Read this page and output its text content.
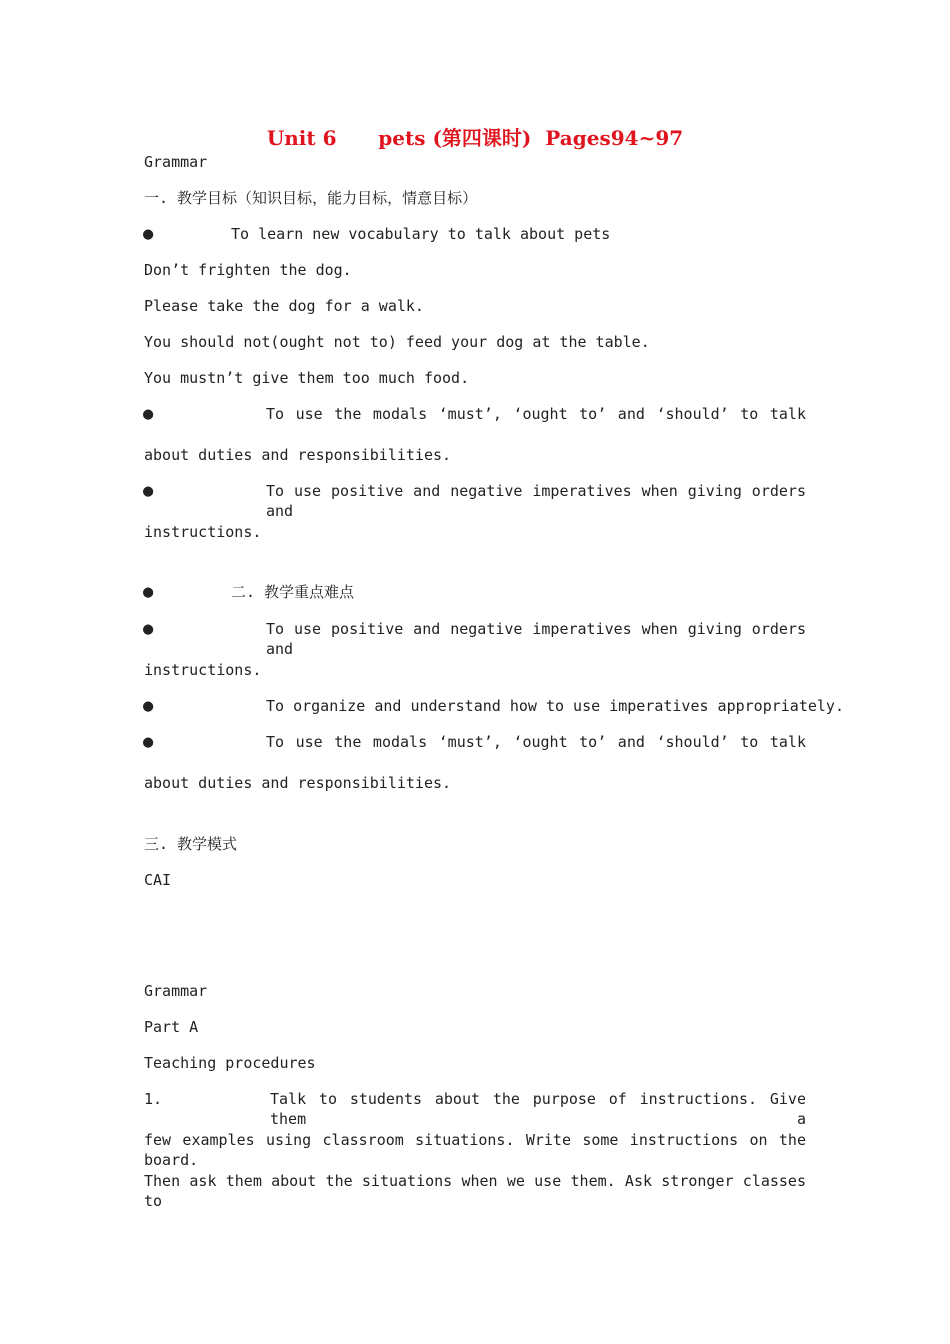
Unit 6      pets (第四课时)  Pages94~97
Grammar
一. 教学目标（知识目标，能力目标，情意目标）
●	To learn new vocabulary to talk about pets
Don’t frighten the dog.
Please take the dog for a walk.
You should not(ought not to) feed your dog at the table.
You mustn’t give them too much food.
●	To use the modals ‘must’, ‘ought to’ and ‘should’ to talk
about duties and responsibilities.
●	To use positive and negative imperatives when giving orders and
instructions.
●	二. 教学重点难点
●	To use positive and negative imperatives when giving orders and
instructions.
●	To organize and understand how to use imperatives appropriately.
●	To use the modals ‘must’, ‘ought to’ and ‘should’ to talk
about duties and responsibilities.
三. 教学模式
CAI
Grammar
Part A
Teaching procedures
1.	Talk to students about the purpose of instructions. Give them a
few examples using classroom situations. Write some instructions on the board.
Then ask them about the situations when we use them. Ask stronger classes to
